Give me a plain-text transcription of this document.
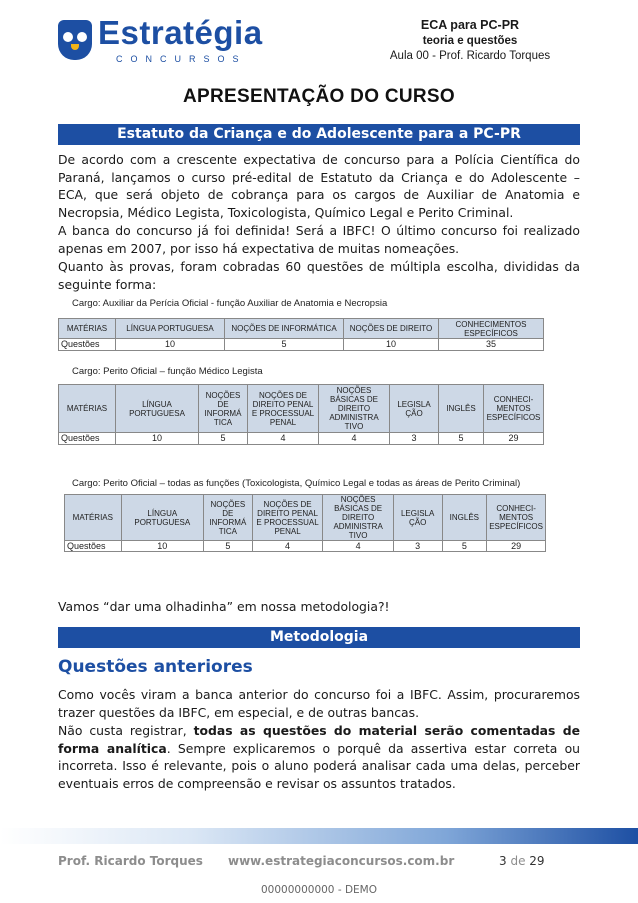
Estratégia
CONCURSOS
ECA para PC-PR
teoria e questões
Aula 00 - Prof. Ricardo Torques
APRESENTAÇÃO DO CURSO
Estatuto da Criança e do Adolescente para a PC-PR
De acordo com a crescente expectativa de concurso para a Polícia Científica do Paraná, lançamos o curso pré-edital de Estatuto da Criança e do Adolescente – ECA, que será objeto de cobrança para os cargos de Auxiliar de Anatomia e Necropsia, Médico Legista, Toxicologista, Químico Legal e Perito Criminal.
A banca do concurso já foi definida! Será a IBFC! O último concurso foi realizado apenas em 2007, por isso há expectativa de muitas nomeações.
Quanto às provas, foram cobradas 60 questões de múltipla escolha, divididas da seguinte forma:
Cargo: Auxiliar da Perícia Oficial - função Auxiliar de Anatomia e Necropsia
MATÉRIAS	LÍNGUA PORTUGUESA	NOÇÕES DE INFORMÁTICA	NOÇÕES DE DIREITO	CONHECIMENTOS ESPECÍFICOS
Questões	10	5	10	35
Cargo: Perito Oficial – função Médico Legista
MATÉRIAS	LÍNGUA PORTUGUESA	NOÇÕES DE INFORMÁ TICA	NOÇÕES DE DIREITO PENAL E PROCESSUAL PENAL	NOÇÕES BÁSICAS DE DIREITO ADMINISTRA TIVO	LEGISLA ÇÃO	INGLÊS	CONHECI- MENTOS ESPECÍFICOS
Questões	10	5	4	4	3	5	29
Cargo: Perito Oficial – todas as funções (Toxicologista, Químico Legal e todas as áreas de Perito Criminal)
MATÉRIAS	LÍNGUA PORTUGUESA	NOÇÕES DE INFORMÁ TICA	NOÇÕES DE DIREITO PENAL E PROCESSUAL PENAL	NOÇÕES BÁSICAS DE DIREITO ADMINISTRA TIVO	LEGISLA ÇÃO	INGLÊS	CONHECI- MENTOS ESPECÍFICOS
Questões	10	5	4	4	3	5	29
Vamos “dar uma olhadinha” em nossa metodologia?!
Metodologia
Questões anteriores
Como vocês viram a banca anterior do concurso foi a IBFC. Assim, procuraremos trazer questões da IBFC, em especial, e de outras bancas.
Não custa registrar, todas as questões do material serão comentadas de forma analítica. Sempre explicaremos o porquê da assertiva estar correta ou incorreta. Isso é relevante, pois o aluno poderá analisar cada uma delas, perceber eventuais erros de compreensão e revisar os assuntos tratados.
Prof. Ricardo Torques www.estrategiaconcursos.com.br	3 de 29
00000000000 - DEMO
